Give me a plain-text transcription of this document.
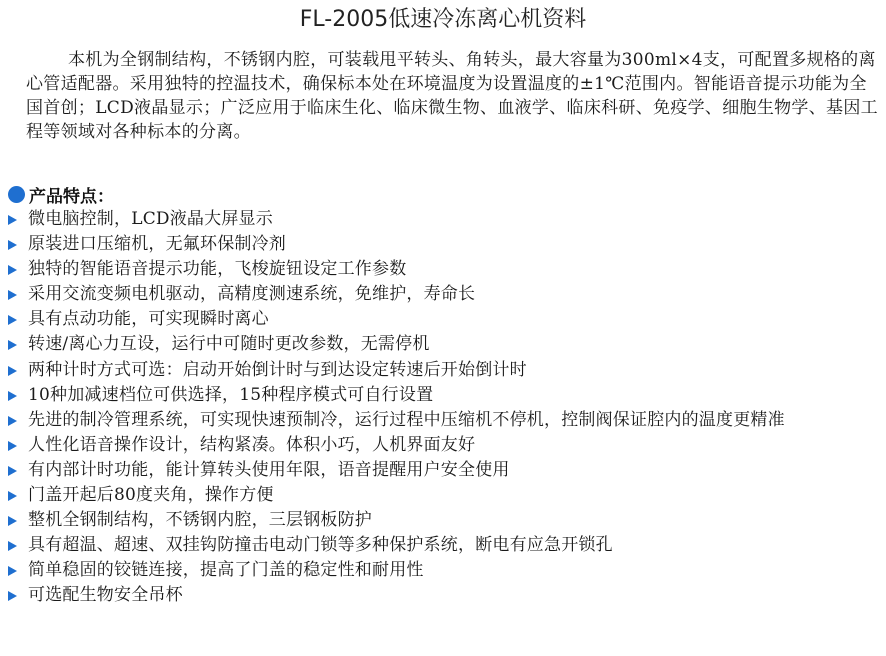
FL-2005低速冷冻离心机资料
本机为全钢制结构，不锈钢内腔，可装载甩平转头、角转头，最大容量为300ml×4支，可配置多规格的离心管适配器。采用独特的控温技术，确保标本处在环境温度为设置温度的±1℃范围内。智能语音提示功能为全国首创；LCD液晶显示；广泛应用于临床生化、临床微生物、血液学、临床科研、免疫学、细胞生物学、基因工程等领域对各种标本的分离。
产品特点：
微电脑控制，LCD液晶大屏显示
原装进口压缩机，无氟环保制冷剂
独特的智能语音提示功能，飞梭旋钮设定工作参数
采用交流变频电机驱动，高精度测速系统，免维护，寿命长
具有点动功能，可实现瞬时离心
转速/离心力互设，运行中可随时更改参数，无需停机
两种计时方式可选：启动开始倒计时与到达设定转速后开始倒计时
10种加减速档位可供选择，15种程序模式可自行设置
先进的制冷管理系统，可实现快速预制冷，运行过程中压缩机不停机，控制阀保证腔内的温度更精准
人性化语音操作设计，结构紧凑。体积小巧，人机界面友好
有内部计时功能，能计算转头使用年限，语音提醒用户安全使用
门盖开起后80度夹角，操作方便
整机全钢制结构，不锈钢内腔，三层钢板防护
具有超温、超速、双挂钩防撞击电动门锁等多种保护系统，断电有应急开锁孔
简单稳固的铰链连接，提高了门盖的稳定性和耐用性
可选配生物安全吊杯
